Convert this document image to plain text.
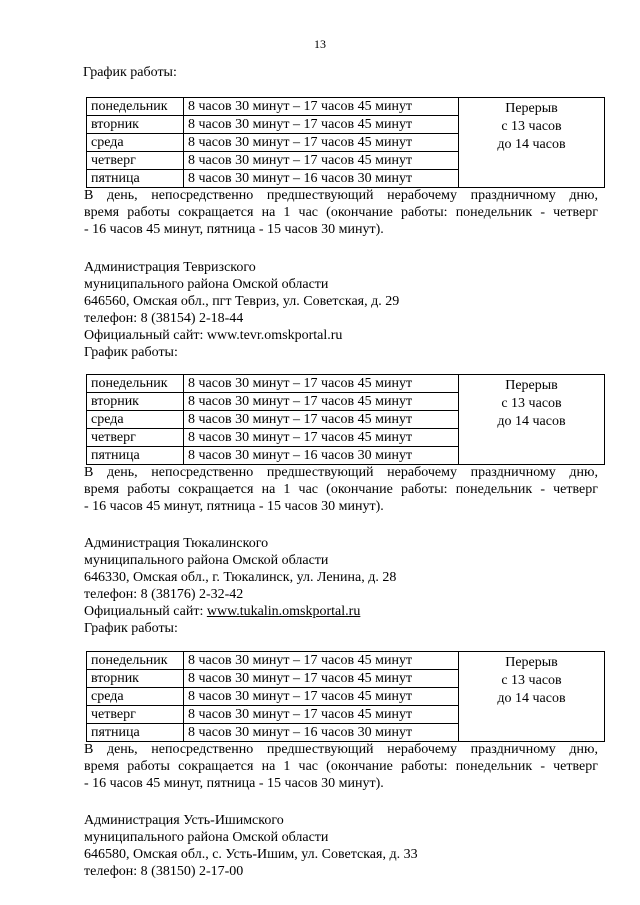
13
График работы:
понедельник	8 часов 30 минут – 17 часов 45 минут	Перерыв
с 13 часов
до 14 часов

вторник	8 часов 30 минут – 17 часов 45 минут	
среда	8 часов 30 минут – 17 часов 45 минут	
четверг	8 часов 30 минут – 17 часов 45 минут	
пятница	8 часов 30 минут – 16 часов 30 минут	
В день, непосредственно предшествующий нерабочему праздничному дню,
время работы сокращается на 1 час (окончание работы: понедельник - четверг
- 16 часов 45 минут, пятница - 15 часов 30 минут).
Администрация Тевризского
муниципального района Омской области
646560, Омская обл., пгт Тевриз, ул. Советская, д. 29
телефон: 8 (38154) 2-18-44
Официальный сайт: www.tevr.omskportal.ru
График работы:
понедельник	8 часов 30 минут – 17 часов 45 минут	Перерыв
с 13 часов
до 14 часов

вторник	8 часов 30 минут – 17 часов 45 минут	
среда	8 часов 30 минут – 17 часов 45 минут	
четверг	8 часов 30 минут – 17 часов 45 минут	
пятница	8 часов 30 минут – 16 часов 30 минут	
В день, непосредственно предшествующий нерабочему праздничному дню,
время работы сокращается на 1 час (окончание работы: понедельник - четверг
- 16 часов 45 минут, пятница - 15 часов 30 минут).
Администрация Тюкалинского
муниципального района Омской области
646330, Омская обл., г. Тюкалинск, ул. Ленина, д. 28
телефон: 8 (38176) 2-32-42
Официальный сайт: www.tukalin.omskportal.ru
График работы:
понедельник	8 часов 30 минут – 17 часов 45 минут	Перерыв
с 13 часов
до 14 часов

вторник	8 часов 30 минут – 17 часов 45 минут	
среда	8 часов 30 минут – 17 часов 45 минут	
четверг	8 часов 30 минут – 17 часов 45 минут	
пятница	8 часов 30 минут – 16 часов 30 минут	
В день, непосредственно предшествующий нерабочему праздничному дню,
время работы сокращается на 1 час (окончание работы: понедельник - четверг
- 16 часов 45 минут, пятница - 15 часов 30 минут).
Администрация Усть-Ишимского
муниципального района Омской области
646580, Омская обл., с. Усть-Ишим, ул. Советская, д. 33
телефон: 8 (38150) 2-17-00
